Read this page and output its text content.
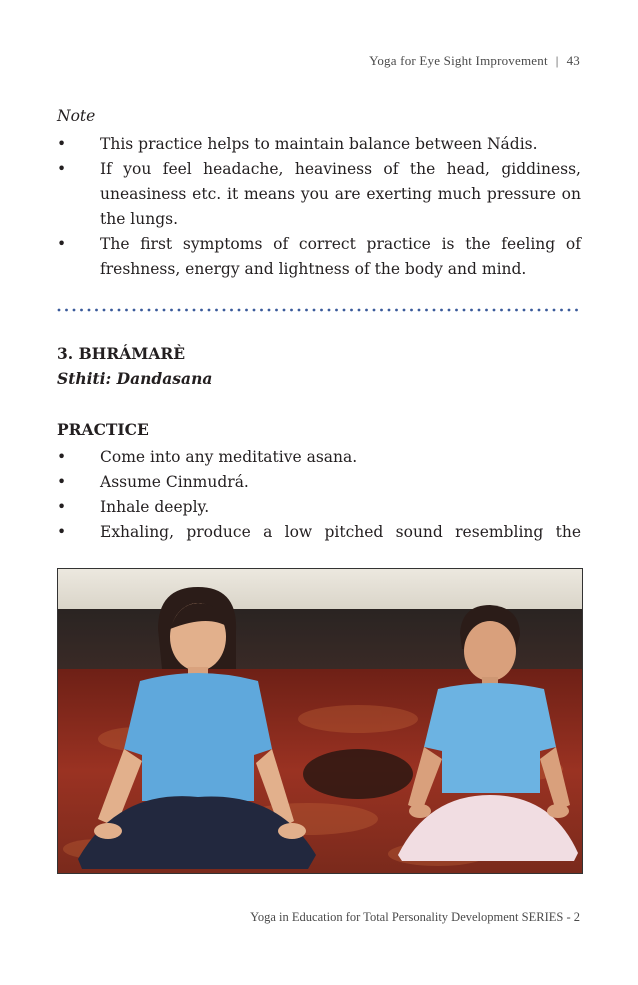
Yoga for Eye Sight Improvement | 43
Note
• This practice helps to maintain balance between Nádis.
• If you feel headache, heaviness of the head, giddiness, uneasiness etc. it means you are exerting much pressure on the lungs.
• The first symptoms of correct practice is the feeling of freshness, energy and lightness of the body and mind.
3. BHRÁMARÈ
Sthiti: Dandasana
PRACTICE
• Come into any meditative asana.
• Assume Cinmudrá.
• Inhale deeply.
• Exhaling, produce a low pitched sound resembling the
Yoga in Education for Total Personality Development SERIES - 2
